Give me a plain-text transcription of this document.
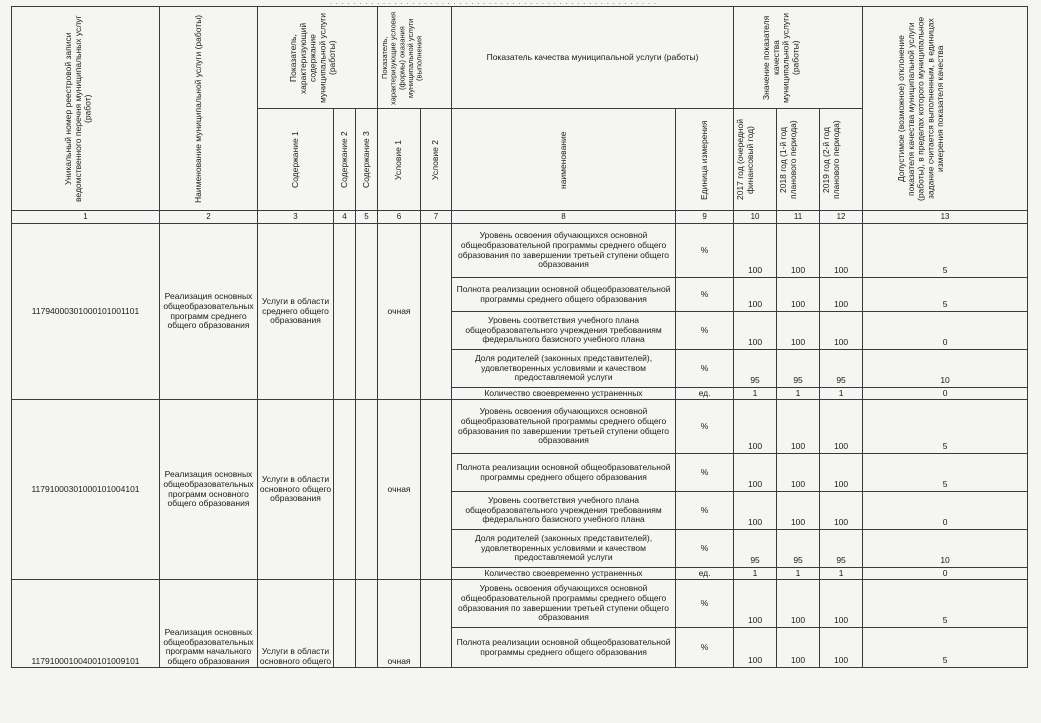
. . . . . . . . . . . . . . . . . . . . . . . . . . . . . . . . . . . . . . . . . . . . . . . . . . . . . . . .
Уникальный номер реестровой записи ведомственного перечня муниципальных услуг (работ)	Наименование муниципальной услуги (работы)	Показатель, характеризующий содержание муниципальной услуги (работы)			Показатель, характеризующие условия (формы) оказания муниципальной услуги (выполнения		Показатель качества муниципальной услуги (работы)		Значение показателя качества муниципальной услуги (работы)			Допустимое (возможное) отклонение показателя качества муниципальной услуги (работы), в пределах которого муниципальное задание считается выполненным, в единицах измерения показателя качества

		Содержание 1	Содержание 2	Содержание 3	Условие 1	Условие 2	наименование	Единица измерения	2017 год (очередной финансовый год)	2018 год (1-й год планового периода)	2019 год (2-й год планового периода)	

1	2	3	4	5	6	7	8	9	10	11	12	13
11794000301000101001101	Реализация основных общеобразовательных программ среднего общего образования	Услуги в области среднего общего образования			очная		Уровень освоения обучающихся основной общеобразовательной программы среднего общего образования по завершении третьей ступени общего образования	%	100	100	100	5
							Полнота реализации основной общеобразовательной программы среднего общего образования	%	100	100	100	5
							Уровень соответствия учебного плана общеобразовательного учреждения требованиям федерального базисного учебного плана	%	100	100	100	0
							Доля родителей (законных представителей), удовлетворенных условиями и качеством предоставляемой услуги	%	95	95	95	10
							Количество своевременно устраненных	ед.	1	1	1	0
11791000301000101004101	Реализация основных общеобразовательных программ основного общего образования	Услуги в области основного общего образования			очная		Уровень освоения обучающихся основной общеобразовательной программы среднего общего образования по завершении третьей ступени общего образования	%	100	100	100	5
							Полнота реализации основной общеобразовательной программы среднего общего образования	%	100	100	100	5
							Уровень соответствия учебного плана общеобразовательного учреждения требованиям федерального базисного учебного плана	%	100	100	100	0
							Доля родителей (законных представителей), удовлетворенных условиями и качеством предоставляемой услуги	%	95	95	95	10
							Количество своевременно устраненных	ед.	1	1	1	0
11791000100400101009101	Реализация основных общеобразовательных программ начального общего образования	Услуги в области основного общего			очная		Уровень освоения обучающихся основной общеобразовательной программы среднего общего образования по завершении третьей ступени общего образования	%	100	100	100	5
							Полнота реализации основной общеобразовательной программы среднего общего образования	%	100	100	100	5
